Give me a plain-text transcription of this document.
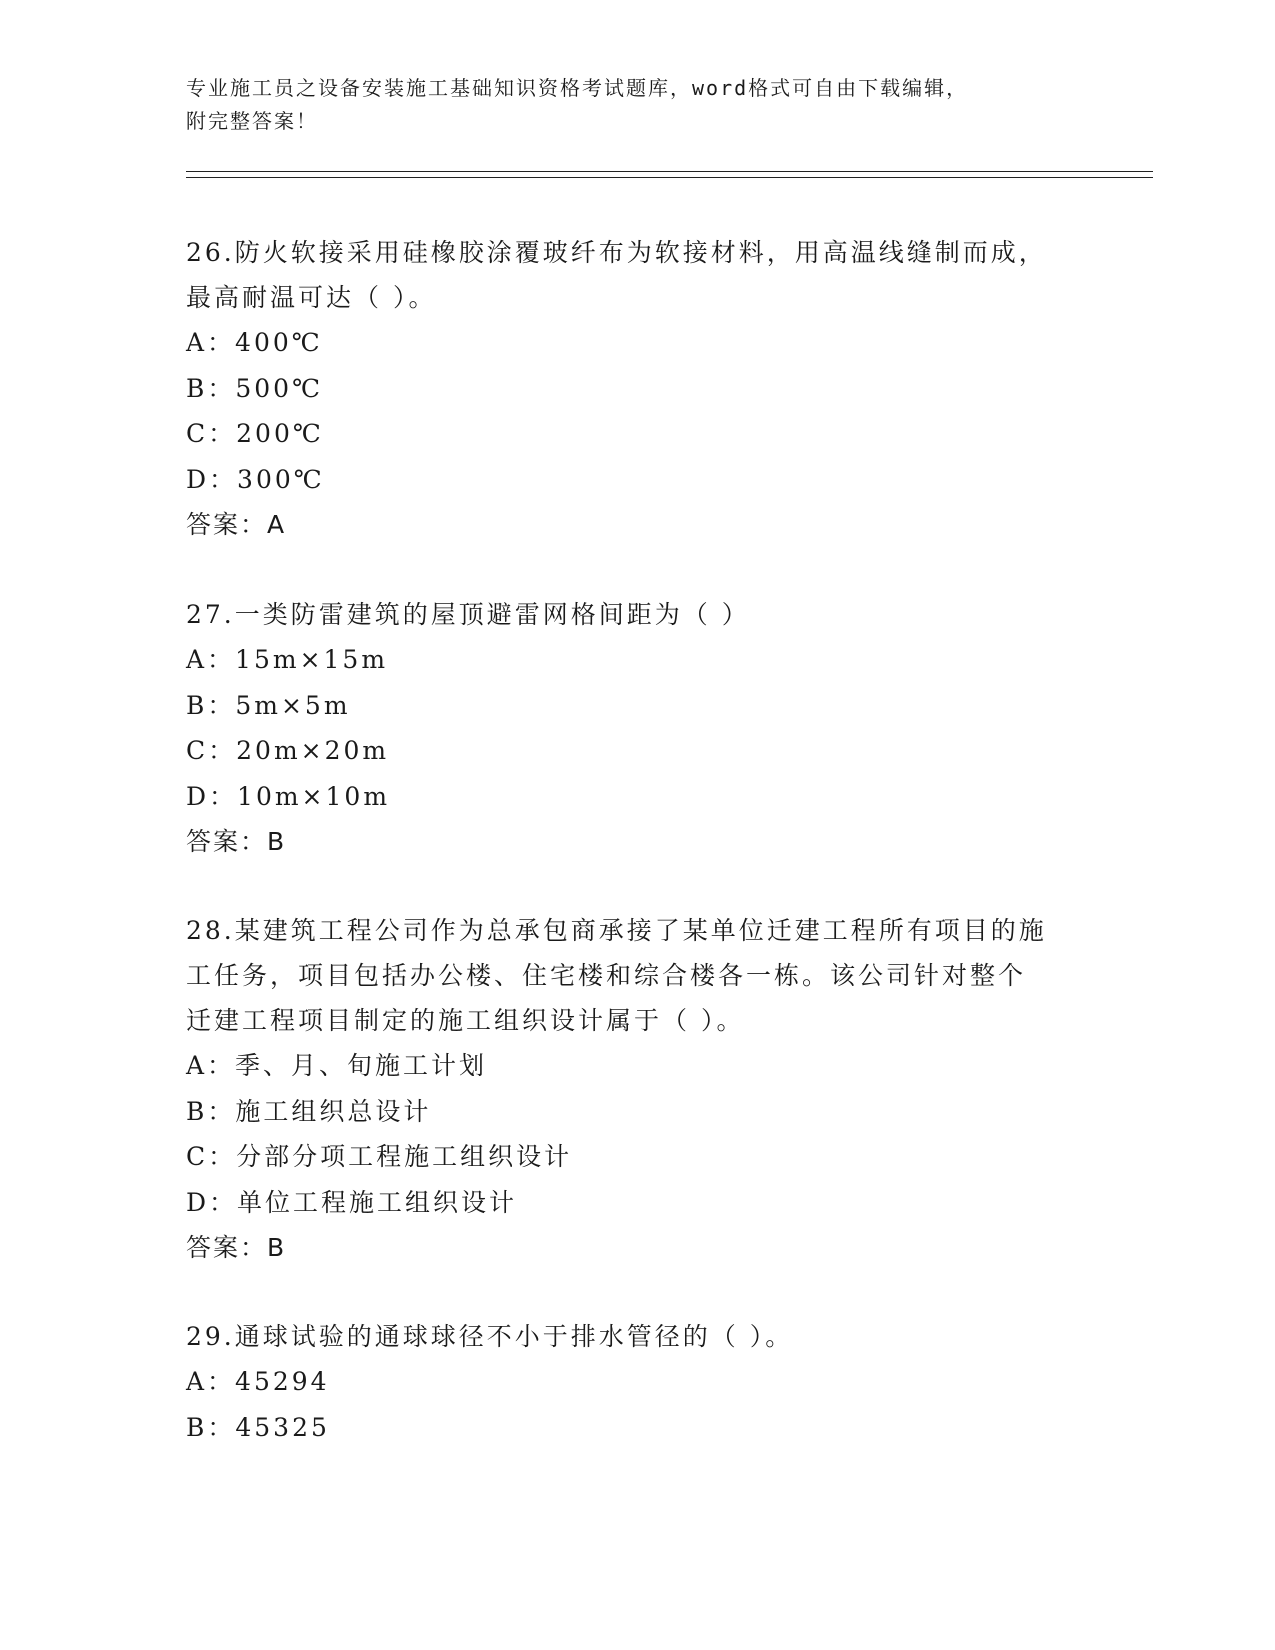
专业施工员之设备安装施工基础知识资格考试题库，word格式可自由下载编辑，
附完整答案！
26.防火软接采用硅橡胶涂覆玻纤布为软接材料，用高温线缝制而成，
最高耐温可达（ ）。
A：400℃
B：500℃
C：200℃
D：300℃
答案：A
27.一类防雷建筑的屋顶避雷网格间距为（ ）
A：15m×15m
B：5m×5m
C：20m×20m
D：10m×10m
答案：B
28.某建筑工程公司作为总承包商承接了某单位迁建工程所有项目的施
工任务，项目包括办公楼、住宅楼和综合楼各一栋。该公司针对整个
迁建工程项目制定的施工组织设计属于（ ）。
A：季、月、旬施工计划
B：施工组织总设计
C：分部分项工程施工组织设计
D：单位工程施工组织设计
答案：B
29.通球试验的通球球径不小于排水管径的（ ）。
A：45294
B：45325
